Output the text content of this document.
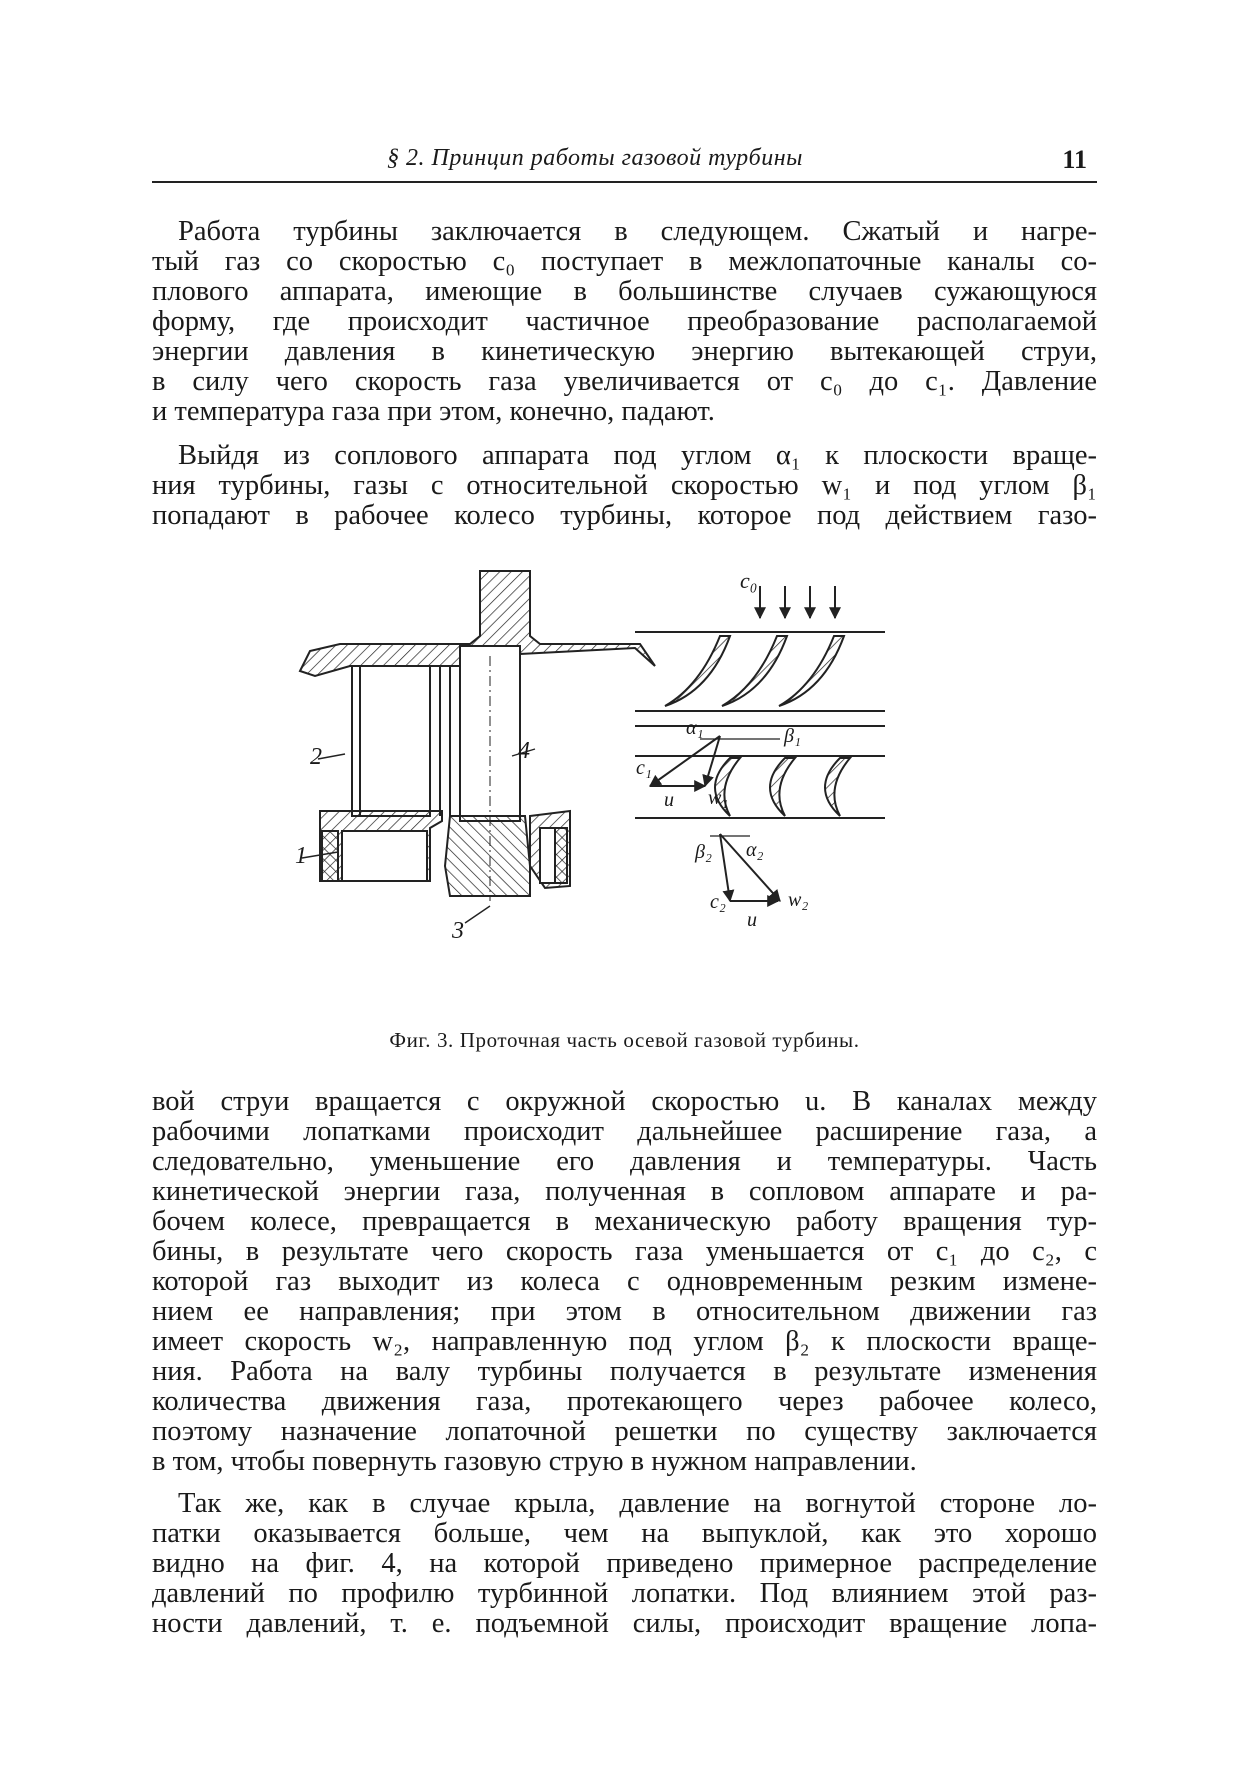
§ 2. Принцип работы газовой турбины	11
Работа турбины заключается в следующем. Сжатый и нагре-
тый газ со скоростью c₀ поступает в межлопаточные каналы со-
плового аппарата, имеющие в большинстве случаев сужающуюся
форму, где происходит частичное преобразование располагаемой
энергии давления в кинетическую энергию вытекающей струи,
в силу чего скорость газа увеличивается от c₀ до c₁. Давление
и температура газа при этом, конечно, падают.
Выйдя из соплового аппарата под углом α₁ к плоскости враще-
ния турбины, газы с относительной скоростью w₁ и под углом β₁
попадают в рабочее колесо турбины, которое под действием газо-
2	4
1
3
c₀
α₁	β₁
c₁
u w₁
β₂ α₂
c₂	w₂
u
Фиг. 3. Проточная часть осевой газовой турбины.
вой струи вращается с окружной скоростью u. В каналах между
рабочими лопатками происходит дальнейшее расширение газа, а
следовательно, уменьшение его давления и температуры. Часть
кинетической энергии газа, полученная в сопловом аппарате и ра-
бочем колесе, превращается в механическую работу вращения тур-
бины, в результате чего скорость газа уменьшается от c₁ до c₂, с
которой газ выходит из колеса с одновременным резким измене-
нием ее направления; при этом в относительном движении газ
имеет скорость w₂, направленную под углом β₂ к плоскости враще-
ния. Работа на валу турбины получается в результате изменения
количества движения газа, протекающего через рабочее колесо,
поэтому назначение лопаточной решетки по существу заключается
в том, чтобы повернуть газовую струю в нужном направлении.
Так же, как в случае крыла, давление на вогнутой стороне ло-
патки оказывается больше, чем на выпуклой, как это хорошо
видно на фиг. 4, на которой приведено примерное распределение
давлений по профилю турбинной лопатки. Под влиянием этой раз-
ности давлений, т. е. подъемной силы, происходит вращение лопа-
